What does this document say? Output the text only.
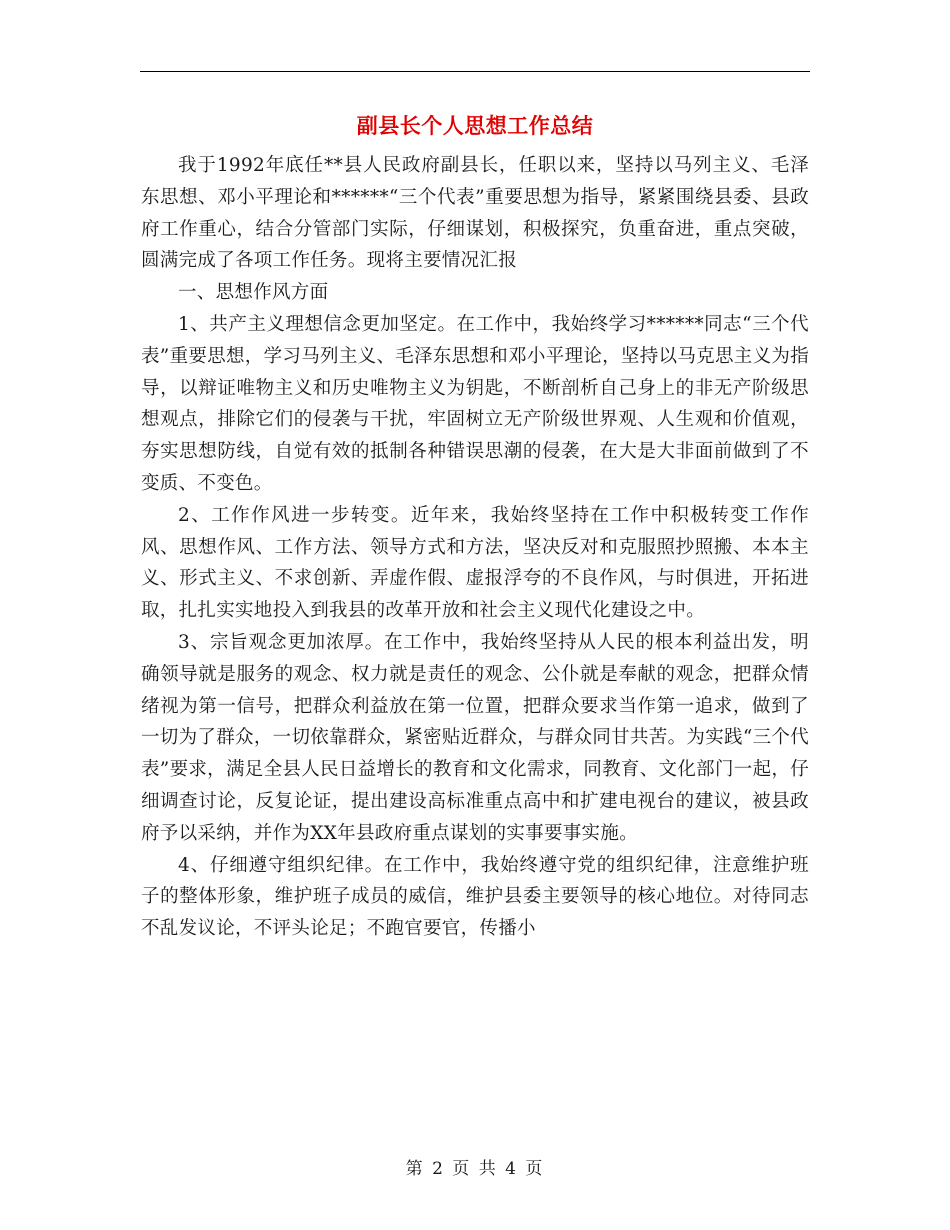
副县长个人思想工作总结

我于1992年底任**县人民政府副县长，任职以来，坚持以马列主义、毛泽东思想、邓小平理论和******“三个代表”重要思想为指导，紧紧围绕县委、县政府工作重心，结合分管部门实际，仔细谋划，积极探究，负重奋进，重点突破，圆满完成了各项工作任务。现将主要情况汇报

一、思想作风方面

1、共产主义理想信念更加坚定。在工作中，我始终学习******同志“三个代表”重要思想，学习马列主义、毛泽东思想和邓小平理论，坚持以马克思主义为指导，以辩证唯物主义和历史唯物主义为钥匙，不断剖析自己身上的非无产阶级思想观点，排除它们的侵袭与干扰，牢固树立无产阶级世界观、人生观和价值观，夯实思想防线，自觉有效的抵制各种错误思潮的侵袭，在大是大非面前做到了不变质、不变色。

2、工作作风进一步转变。近年来，我始终坚持在工作中积极转变工作作风、思想作风、工作方法、领导方式和方法，坚决反对和克服照抄照搬、本本主义、形式主义、不求创新、弄虚作假、虚报浮夸的不良作风，与时俱进，开拓进取，扎扎实实地投入到我县的改革开放和社会主义现代化建设之中。

3、宗旨观念更加浓厚。在工作中，我始终坚持从人民的根本利益出发，明确领导就是服务的观念、权力就是责任的观念、公仆就是奉献的观念，把群众情绪视为第一信号，把群众利益放在第一位置，把群众要求当作第一追求，做到了一切为了群众，一切依靠群众，紧密贴近群众，与群众同甘共苦。为实践“三个代表”要求，满足全县人民日益增长的教育和文化需求，同教育、文化部门一起，仔细调查讨论，反复论证，提出建设高标准重点高中和扩建电视台的建议，被县政府予以采纳，并作为XX年县政府重点谋划的实事要事实施。

4、仔细遵守组织纪律。在工作中，我始终遵守党的组织纪律，注意维护班子的整体形象，维护班子成员的威信，维护县委主要领导的核心地位。对待同志不乱发议论，不评头论足；不跑官要官，传播小

第 2 页 共 4 页
